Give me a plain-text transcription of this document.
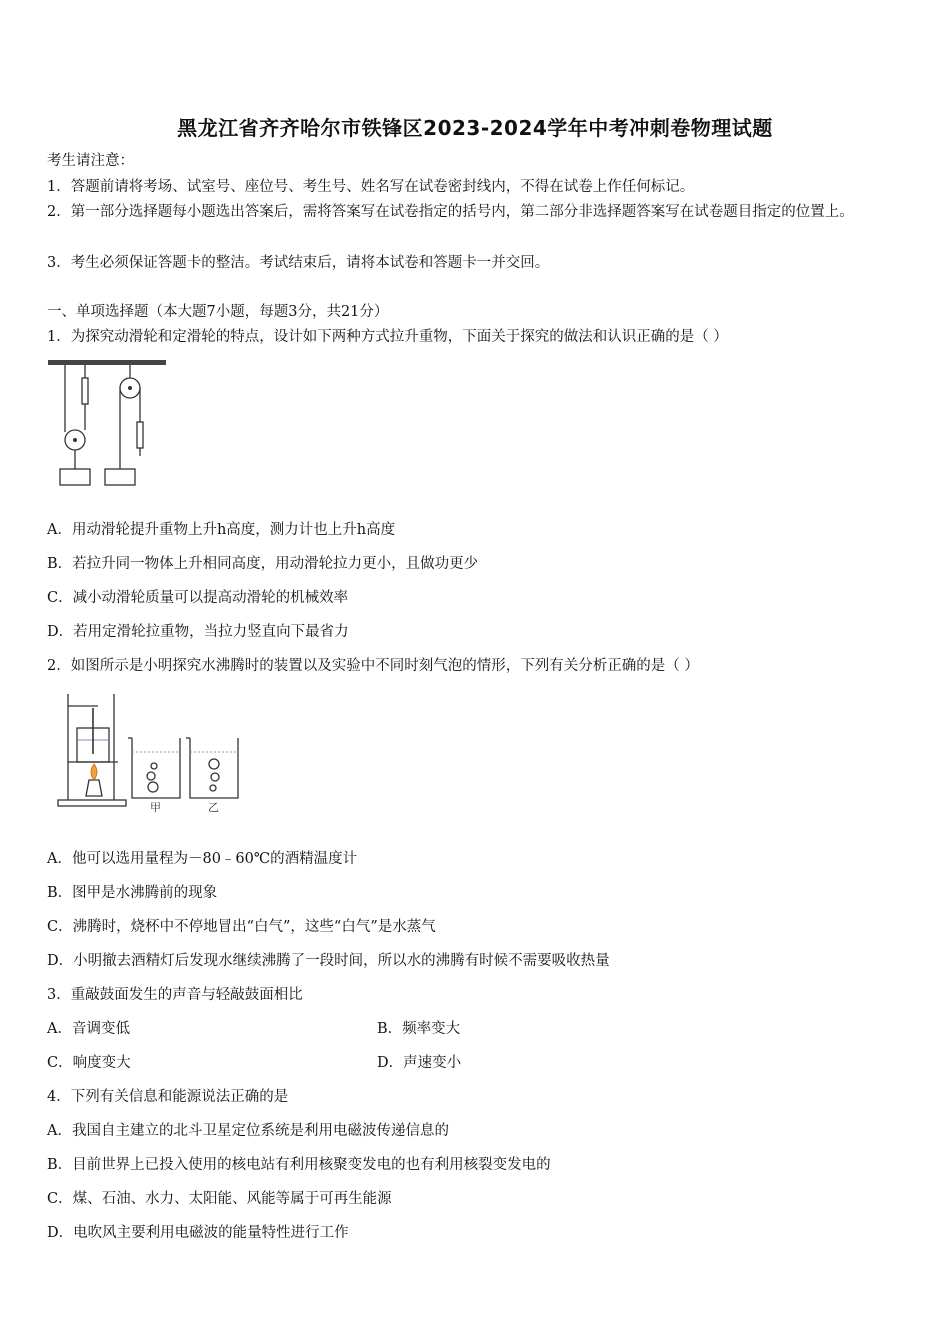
黑龙江省齐齐哈尔市铁锋区2023-2024学年中考冲刺卷物理试题
考生请注意：
1．答题前请将考场、试室号、座位号、考生号、姓名写在试卷密封线内，不得在试卷上作任何标记。
2．第一部分选择题每小题选出答案后，需将答案写在试卷指定的括号内，第二部分非选择题答案写在试卷题目指定的位置上。
3．考生必须保证答题卡的整洁。考试结束后，请将本试卷和答题卡一并交回。
一、单项选择题（本大题7小题，每题3分，共21分）
1．为探究动滑轮和定滑轮的特点，设计如下两种方式拉升重物，下面关于探究的做法和认识正确的是（ ）
A．用动滑轮提升重物上升h高度，测力计也上升h高度
B．若拉升同一物体上升相同高度，用动滑轮拉力更小，且做功更少
C．减小动滑轮质量可以提高动滑轮的机械效率
D．若用定滑轮拉重物，当拉力竖直向下最省力
2．如图所示是小明探究水沸腾时的装置以及实验中不同时刻气泡的情形，下列有关分析正确的是（ ）
甲	乙
A．他可以选用量程为－80﹣60℃的酒精温度计
B．图甲是水沸腾前的现象
C．沸腾时，烧杯中不停地冒出“白气”，这些“白气”是水蒸气
D．小明撤去酒精灯后发现水继续沸腾了一段时间，所以水的沸腾有时候不需要吸收热量
3．重敲鼓面发生的声音与轻敲鼓面相比
A．音调变低	B．频率变大
C．响度变大	D．声速变小
4．下列有关信息和能源说法正确的是
A．我国自主建立的北斗卫星定位系统是利用电磁波传递信息的
B．目前世界上已投入使用的核电站有利用核聚变发电的也有利用核裂变发电的
C．煤、石油、水力、太阳能、风能等属于可再生能源
D．电吹风主要利用电磁波的能量特性进行工作
